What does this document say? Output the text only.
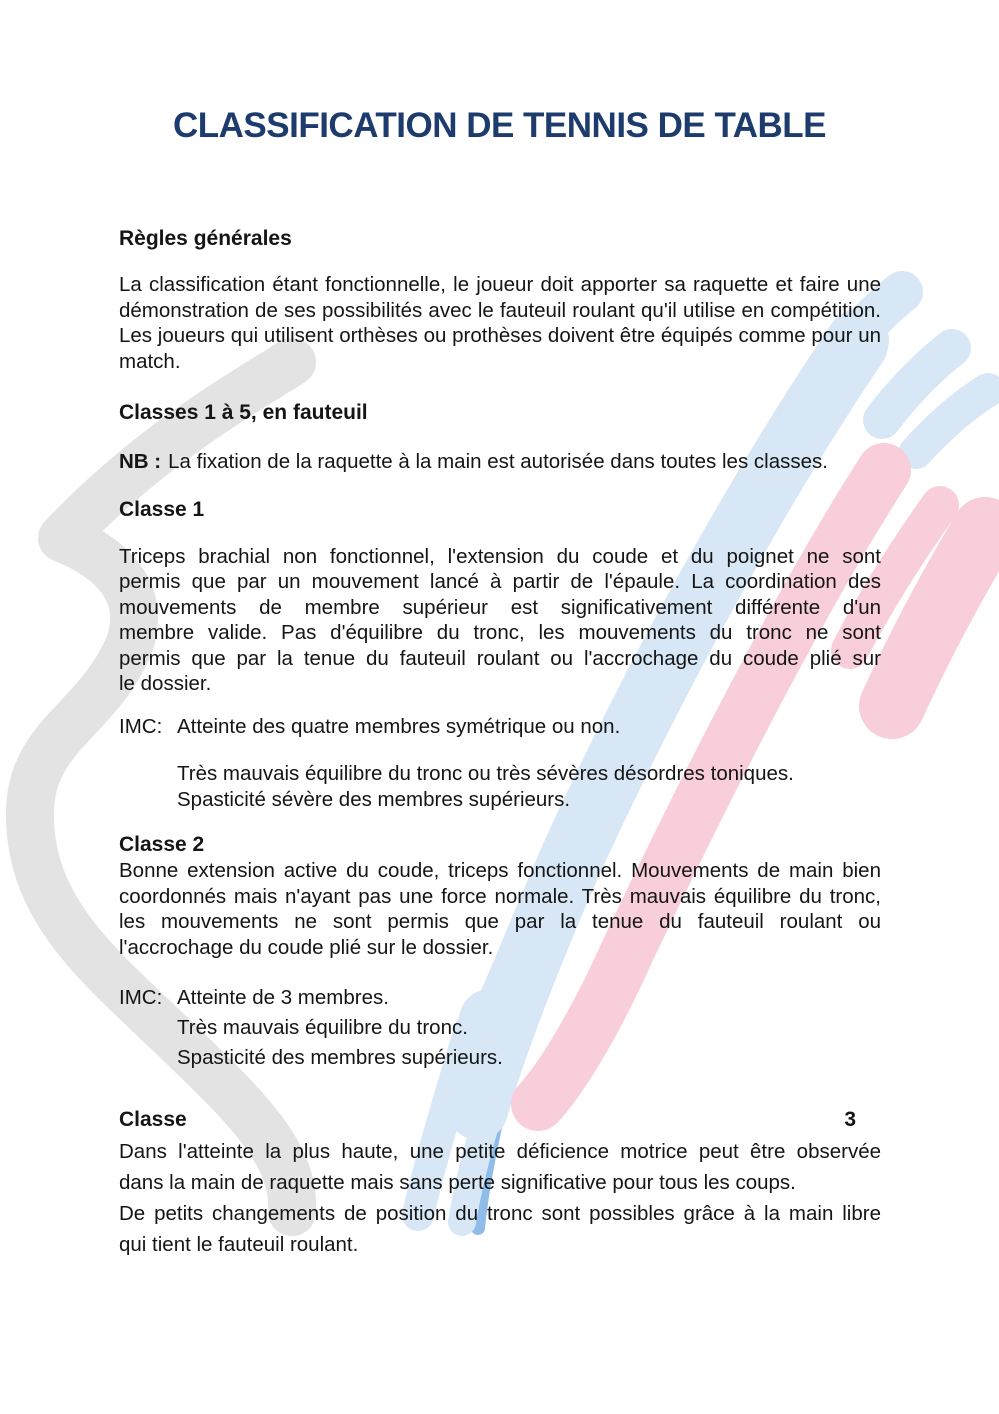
CLASSIFICATION DE TENNIS DE TABLE
Règles générales
La classification étant fonctionnelle, le joueur doit apporter sa raquette et faire une
démonstration de ses possibilités avec le fauteuil roulant qu'il utilise en compétition.
Les joueurs qui utilisent orthèses ou prothèses doivent être équipés comme pour un
match.
Classes 1 à 5, en fauteuil
NB : La fixation de la raquette à la main est autorisée dans toutes les classes.
Classe 1
Triceps brachial non fonctionnel, l'extension du coude et du poignet ne sont
permis que par un mouvement lancé à partir de l'épaule. La coordination des
mouvements de membre supérieur est significativement différente d'un
membre valide. Pas d'équilibre du tronc, les mouvements du tronc ne sont
permis que par la tenue du fauteuil roulant ou l'accrochage du coude plié sur
le dossier.
IMC: Atteinte des quatre membres symétrique ou non.
Très mauvais équilibre du tronc ou très sévères désordres toniques.
Spasticité sévère des membres supérieurs.
Classe 2
Bonne extension active du coude, triceps fonctionnel. Mouvements de main bien
coordonnés mais n'ayant pas une force normale. Très mauvais équilibre du tronc,
les mouvements ne sont permis que par la tenue du fauteuil roulant ou
l'accrochage du coude plié sur le dossier.
IMC: Atteinte de 3 membres.
Très mauvais équilibre du tronc.
Spasticité des membres supérieurs.
Classe	3
Dans l'atteinte la plus haute, une petite déficience motrice peut être observée
dans la main de raquette mais sans perte significative pour tous les coups.
De petits changements de position du tronc sont possibles grâce à la main libre
qui tient le fauteuil roulant.
